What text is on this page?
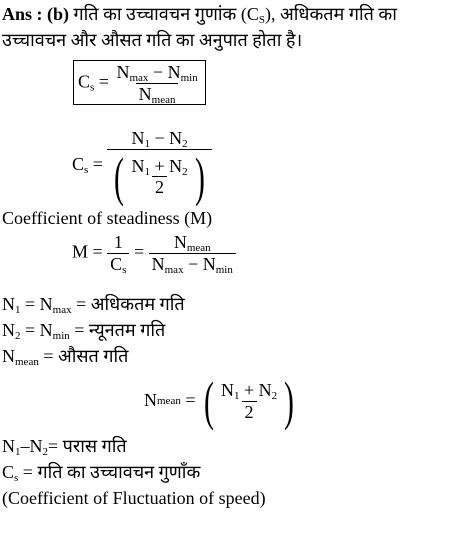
Ans : (b) गति का उच्चावचन गुणांक $(C_S)$, अधिकतम गति का
उच्चावचन और औसत गति का अनुपात होता है।
$C_s = \frac{N_{max} - N_{min}}{N_{mean}}$
$C_s = \frac{N_1 - N_2}{( \frac{N_1 + N_2}{2} )}$
Coefficient of steadiness (M)
$M = \frac{1}{C_s} = \frac{N_{mean}}{N_{max} - N_{min}}$
$N_1 = N_{max}$ = अधिकतम गति
$N_2 = N_{min}$ = न्यूनतम गति
$N_{mean}$ = औसत गति
N mean = ( $\frac{N_1 + N_2}{2}$ )
$N_1-N_2=$ परास गति
$C_s$ = गति का उच्चावचन गुणाँक
(Coefficient of Fluctuation of speed)
